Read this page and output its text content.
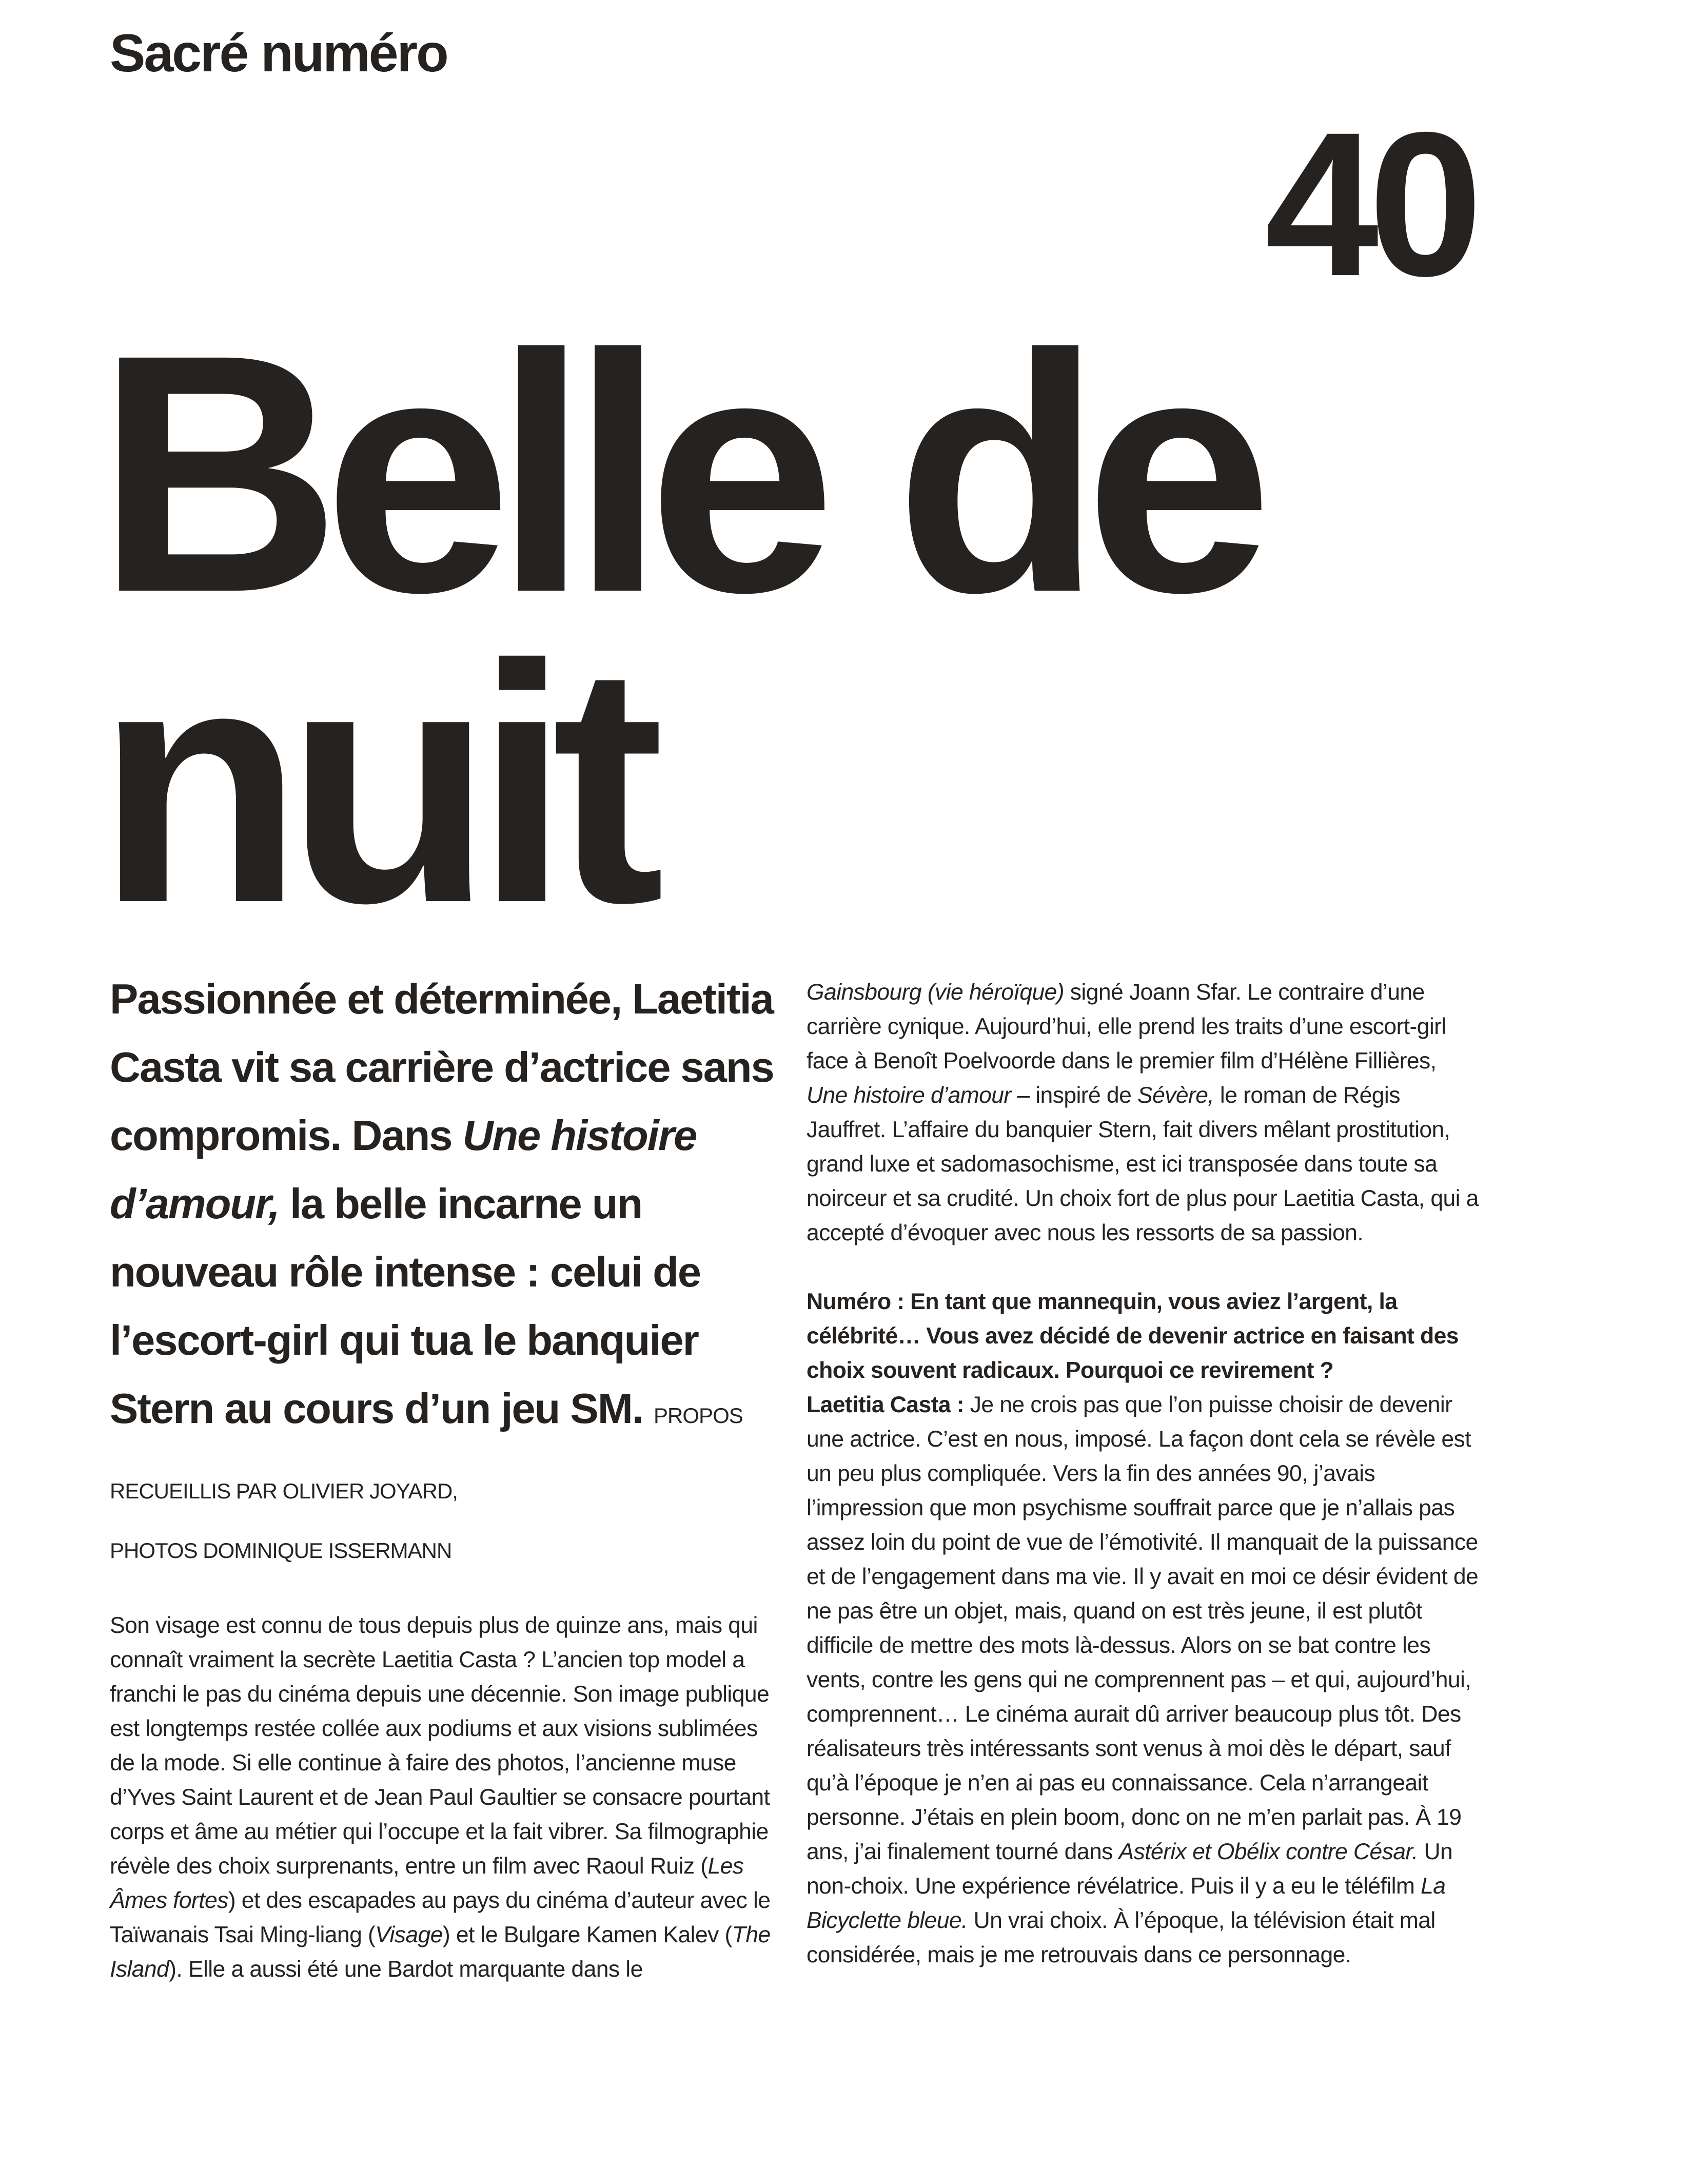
Sacré numéro
40
Belle de
nuit

Passionnée et déterminée, Laetitia Casta vit sa carrière d’actrice sans compromis. Dans Une histoire d’amour, la belle incarne un nouveau rôle intense : celui de l’escort-girl qui tua le banquier Stern au cours d’un jeu SM. PROPOS RECUEILLIS PAR OLIVIER JOYARD,
PHOTOS DOMINIQUE ISSERMANN

Son visage est connu de tous depuis plus de quinze ans, mais qui connaît vraiment la secrète Laetitia Casta ? L’ancien top model a franchi le pas du cinéma depuis une décennie. Son image publique est longtemps restée collée aux podiums et aux visions sublimées de la mode. Si elle continue à faire des photos, l’ancienne muse d’Yves Saint Laurent et de Jean Paul Gaultier se consacre pourtant corps et âme au métier qui l’occupe et la fait vibrer. Sa filmographie révèle des choix surprenants, entre un film avec Raoul Ruiz (Les Âmes fortes) et des escapades au pays du cinéma d’auteur avec le Taïwanais Tsai Ming-liang (Visage) et le Bulgare Kamen Kalev (The Island). Elle a aussi été une Bardot marquante dans le

Gainsbourg (vie héroïque) signé Joann Sfar. Le contraire d’une carrière cynique. Aujourd’hui, elle prend les traits d’une escort-girl face à Benoît Poelvoorde dans le premier film d’Hélène Fillières, Une histoire d’amour – inspiré de Sévère, le roman de Régis Jauffret. L’affaire du banquier Stern, fait divers mêlant prostitution, grand luxe et sadomasochisme, est ici transposée dans toute sa noirceur et sa crudité. Un choix fort de plus pour Laetitia Casta, qui a accepté d’évoquer avec nous les ressorts de sa passion.

Numéro : En tant que mannequin, vous aviez l’argent, la célébrité… Vous avez décidé de devenir actrice en faisant des choix souvent radicaux. Pourquoi ce revirement ?

Laetitia Casta : Je ne crois pas que l’on puisse choisir de devenir une actrice. C’est en nous, imposé. La façon dont cela se révèle est un peu plus compliquée. Vers la fin des années 90, j’avais l’impression que mon psychisme souffrait parce que je n’allais pas assez loin du point de vue de l’émotivité. Il manquait de la puissance et de l’engagement dans ma vie. Il y avait en moi ce désir évident de ne pas être un objet, mais, quand on est très jeune, il est plutôt difficile de mettre des mots là-dessus. Alors on se bat contre les vents, contre les gens qui ne comprennent pas – et qui, aujourd’hui, comprennent… Le cinéma aurait dû arriver beaucoup plus tôt. Des réalisateurs très intéressants sont venus à moi dès le départ, sauf qu’à l’époque je n’en ai pas eu connaissance. Cela n’arrangeait personne. J’étais en plein boom, donc on ne m’en parlait pas. À 19 ans, j’ai finalement tourné dans Astérix et Obélix contre César. Un non-choix. Une expérience révélatrice. Puis il y a eu le téléfilm La Bicyclette bleue. Un vrai choix. À l’époque, la télévision était mal considérée, mais je me retrouvais dans ce personnage.
